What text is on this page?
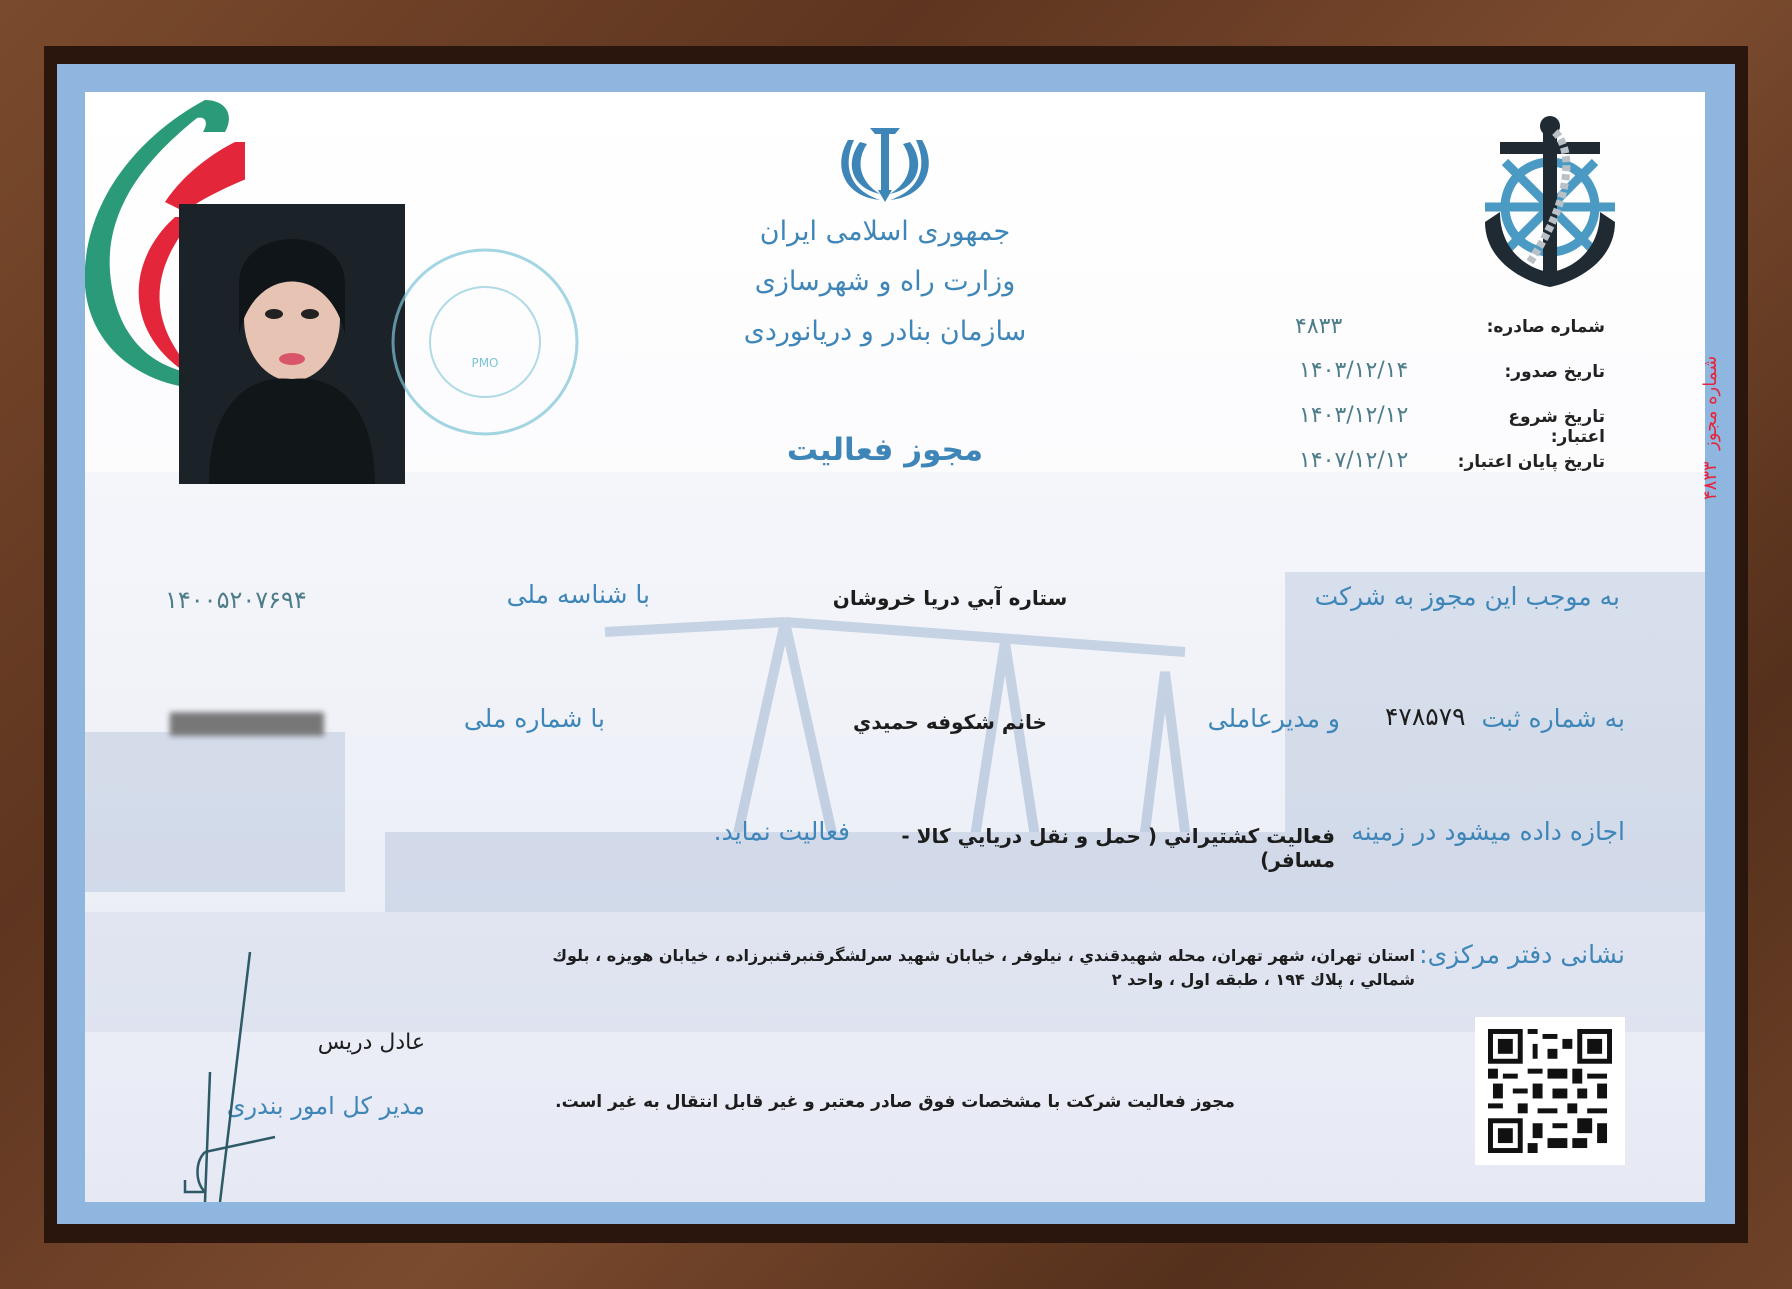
PMO
جمهوری اسلامی ایران
وزارت راه و شهرسازی
سازمان بنادر و دریانوردی
مجوز فعالیت
شماره صادره:
۴۸۳۳
تاریخ صدور:
۱۴۰۳/۱۲/۱۴
تاریخ شروع اعتبار:
۱۴۰۳/۱۲/۱۲
تاریخ پایان اعتبار:
۱۴۰۷/۱۲/۱۲
به موجب این مجوز به شرکت
ستاره آبي دريا خروشان
با شناسه ملی
۱۴۰۰۵۲۰۷۶۹۴
به شماره ثبت
۴۷۸۵۷۹
و مدیرعاملی
خانم شکوفه حميدي
با شماره ملی
██████████
اجازه داده میشود در زمینه
فعاليت کشتيراني ( حمل و نقل دريايي کالا - مسافر)
فعالیت نماید.
نشانی دفتر مرکزی:
استان تهران، شهر تهران، محله شهيدقندي ، نيلوفر ، خيابان شهيد سرلشگرقنبرقنبرزاده ، خيابان هويزه ، بلوك
شمالي ، پلاك ۱۹۴ ، طبقه اول ، واحد ۲
عادل دريس
مدیر کل امور بندری	مجوز فعالیت شرکت با مشخصات فوق صادر معتبر و غیر قابل انتقال به غیر است.
۴۸۳۳  شماره مجوز
